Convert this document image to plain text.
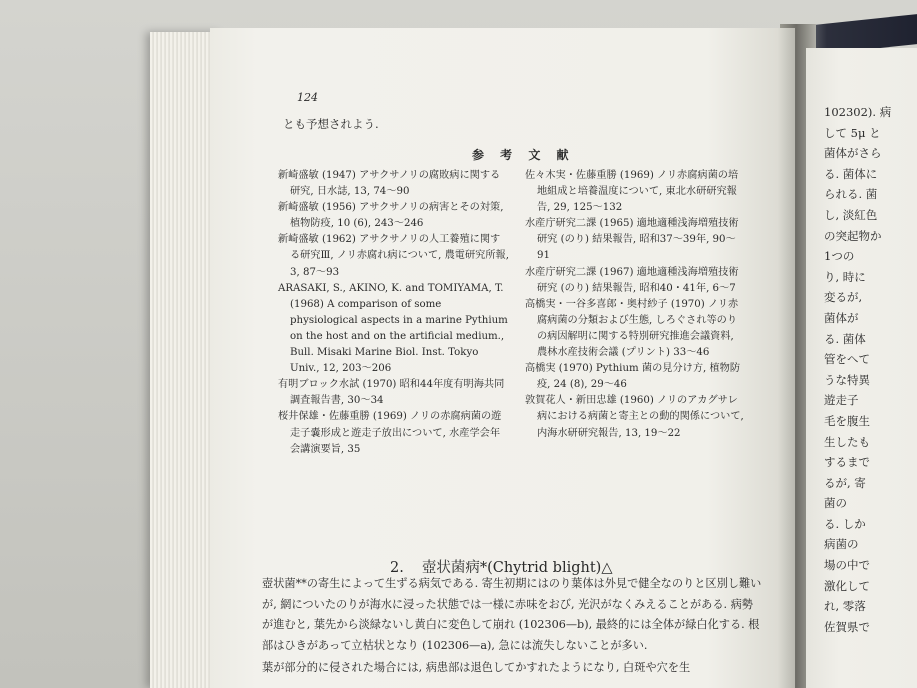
124
とも予想されよう.
参 考 文 献
新崎盛敏 (1947) アサクサノリの腐敗病に関する研究, 日水誌, 13, 74〜90
新崎盛敏 (1956) アサクサノリの病害とその対策, 植物防疫, 10 (6), 243〜246
新崎盛敏 (1962) アサクサノリの人工養殖に関する研究Ⅲ, ノリ赤腐れ病について, 農電研究所報, 3, 87〜93
ARASAKI, S., AKINO, K. and TOMIYAMA, T. (1968) A comparison of some physiological aspects in a marine Pythium on the host and on the artificial medium., Bull. Misaki Marine Biol. Inst. Tokyo Univ., 12, 203〜206
有明ブロック水試 (1970) 昭和44年度有明海共同調査報告書, 30〜34
桜井保雄・佐藤重勝 (1969) ノリの赤腐病菌の遊走子嚢形成と遊走子放出について, 水産学会年会講演要旨, 35
佐々木実・佐藤重勝 (1969) ノリ赤腐病菌の培地組成と培養温度について, 東北水研研究報告, 29, 125〜132
水産庁研究二課 (1965) 適地適種浅海増殖技術研究 (のり) 結果報告, 昭和37〜39年, 90〜91
水産庁研究二課 (1967) 適地適種浅海増殖技術研究 (のり) 結果報告, 昭和40・41年, 6〜7
高橋実・一谷多喜郎・奥村紗子 (1970) ノリ赤腐病菌の分類および生態, しろぐされ等のりの病因解明に関する特別研究推進会議資料, 農林水産技術会議 (プリント) 33〜46
高橋実 (1970) Pythium 菌の見分け方, 植物防疫, 24 (8), 29〜46
敦賀花人・新田忠雄 (1960) ノリのアカグサレ病における病菌と寄主との動的関係について, 内海水研研究報告, 13, 19〜22
2. 壺状菌病*(Chytrid blight)△

壺状菌**の寄生によって生ずる病気である. 寄生初期にはのり葉体は外見で健全なのりと区別し難いが, 網についたのりが海水に浸った状態では一様に赤味をおび, 光沢がなくみえることがある. 病勢が進むと, 葉先から淡緑ないし黄白に変色して崩れ (102306—b), 最終的には全体が緑白化する. 根部はひきがあって立枯状となり (102306—a), 急には流失しないことが多い.

葉が部分的に侵された場合には, 病患部は退色してかすれたようになり, 白斑や穴を生

102302). 病
して 5μ と
菌体がさら
る. 菌体に
られる. 菌
し, 淡紅色
の突起物か
1つの
り, 時に
変るが,
菌体が
る. 菌体
管をへて
うな特異
遊走子
毛を腹生
生したも
するまで
るが, 寄
菌の
る. しか
病菌の
場の中で
激化して
れ, 零落
佐賀県で
